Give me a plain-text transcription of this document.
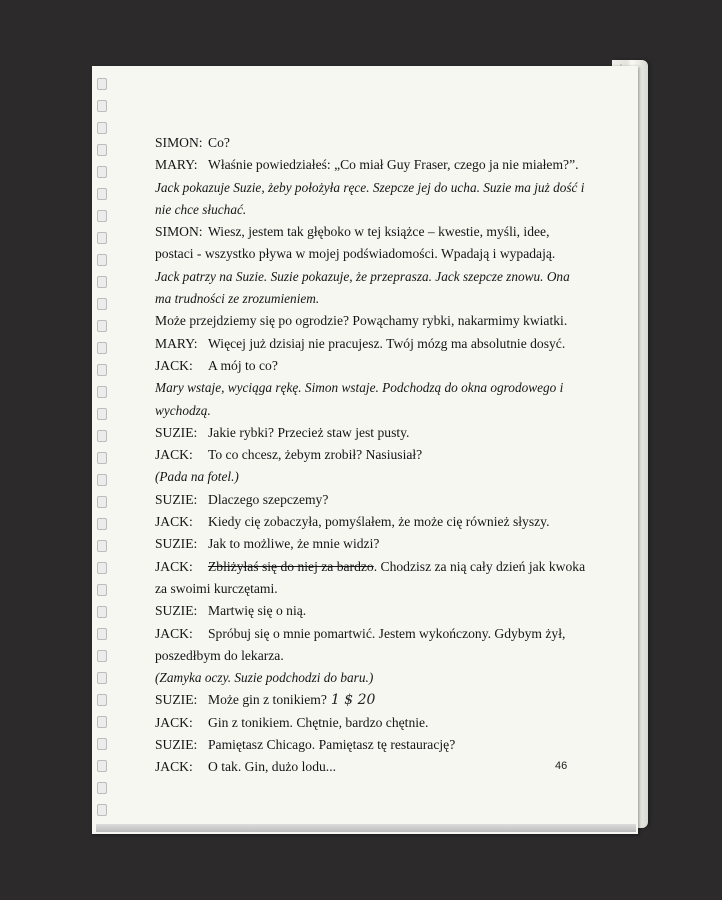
SIMON: Co?
MARY: Właśnie powiedziałeś: „Co miał Guy Fraser, czego ja nie miałem?”.
Jack pokazuje Suzie, żeby położyła ręce. Szepcze jej do ucha. Suzie ma już dość i
nie chce słuchać.
SIMON: Wiesz, jestem tak głęboko w tej książce – kwestie, myśli, idee,
postaci - wszystko pływa w mojej podświadomości. Wpadają i wypadają.
Jack patrzy na Suzie. Suzie pokazuje, że przeprasza. Jack szepcze znowu. Ona
ma trudności ze zrozumieniem.
Może przejdziemy się po ogrodzie? Powąchamy rybki, nakarmimy kwiatki.
MARY: Więcej już dzisiaj nie pracujesz. Twój mózg ma absolutnie dosyć.
JACK: A mój to co?
Mary wstaje, wyciąga rękę. Simon wstaje. Podchodzą do okna ogrodowego i
wychodzą.
SUZIE: Jakie rybki? Przecież staw jest pusty.
JACK: To co chcesz, żebym zrobił? Nasiusiał?
(Pada na fotel.)
SUZIE: Dlaczego szepczemy?
JACK: Kiedy cię zobaczyła, pomyślałem, że może cię również słyszy.
SUZIE: Jak to możliwe, że mnie widzi?
JACK: Zbliżyłaś się do niej za bardzo. Chodzisz za nią cały dzień jak kwoka
za swoimi kurczętami.
SUZIE: Martwię się o nią.
JACK: Spróbuj się o mnie pomartwić. Jestem wykończony. Gdybym żył,
poszedłbym do lekarza.
(Zamyka oczy. Suzie podchodzi do baru.)
SUZIE: Może gin z tonikiem? 1 $ 20
JACK: Gin z tonikiem. Chętnie, bardzo chętnie.
SUZIE: Pamiętasz Chicago. Pamiętasz tę restaurację?
JACK: O tak. Gin, dużo lodu...	46
